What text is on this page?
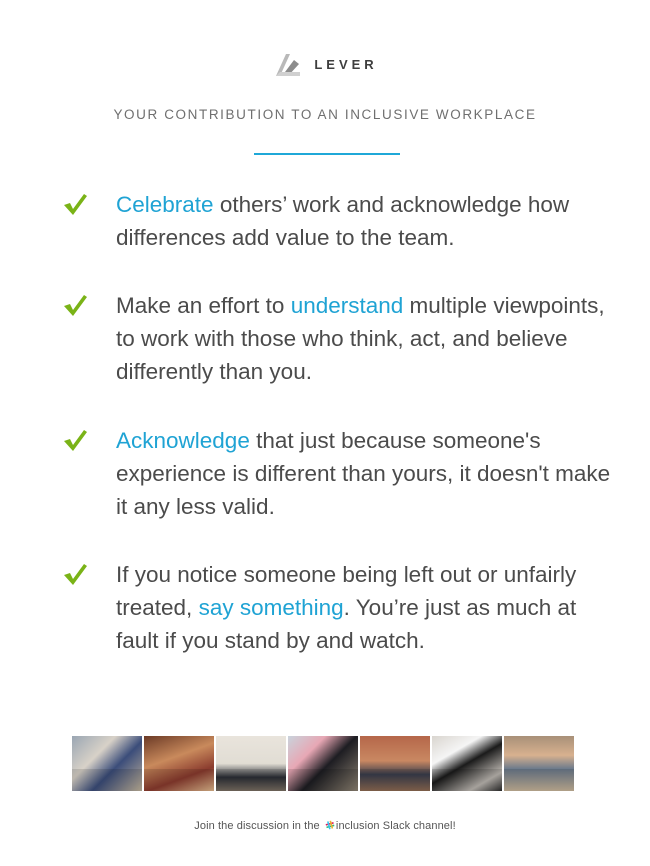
LEVER
YOUR CONTRIBUTION TO AN INCLUSIVE WORKPLACE
Celebrate others’ work and acknowledge how differences add value to the team.
Make an effort to understand multiple viewpoints, to work with those who think, act, and believe differently than you.
Acknowledge that just because someone's experience is different than yours, it doesn't make it any less valid.
If you notice someone being left out or unfairly treated, say something. You’re just as much at fault if you stand by and watch.
Join the discussion in the inclusion Slack channel!
